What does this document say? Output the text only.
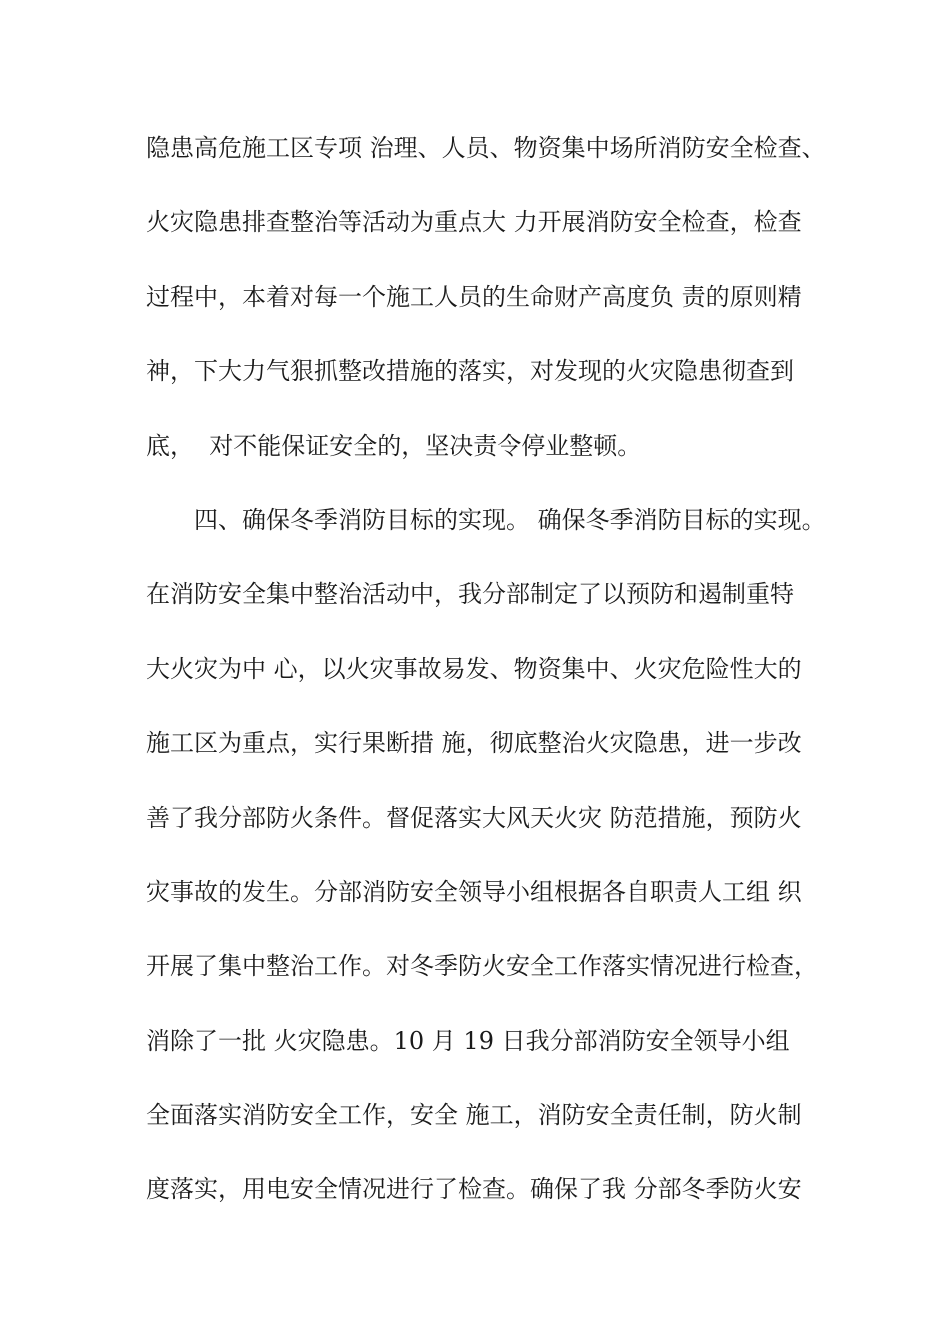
隐患高危施工区专项 治理、人员、物资集中场所消防安全检查、
火灾隐患排查整治等活动为重点大 力开展消防安全检查，检查
过程中，本着对每一个施工人员的生命财产高度负 责的原则精
神，下大力气狠抓整改措施的落实，对发现的火灾隐患彻查到
底，  对不能保证安全的，坚决责令停业整顿。
四、确保冬季消防目标的实现。 确保冬季消防目标的实现。
在消防安全集中整治活动中，我分部制定了以预防和遏制重特
大火灾为中 心，以火灾事故易发、物资集中、火灾危险性大的
施工区为重点，实行果断措 施，彻底整治火灾隐患，进一步改
善了我分部防火条件。督促落实大风天火灾 防范措施，预防火
灾事故的发生。分部消防安全领导小组根据各自职责人工组 织
开展了集中整治工作。对冬季防火安全工作落实情况进行检查，
消除了一批 火灾隐患。10 月 19 日我分部消防安全领导小组
全面落实消防安全工作，安全 施工，消防安全责任制，防火制
度落实，用电安全情况进行了检查。确保了我 分部冬季防火安
